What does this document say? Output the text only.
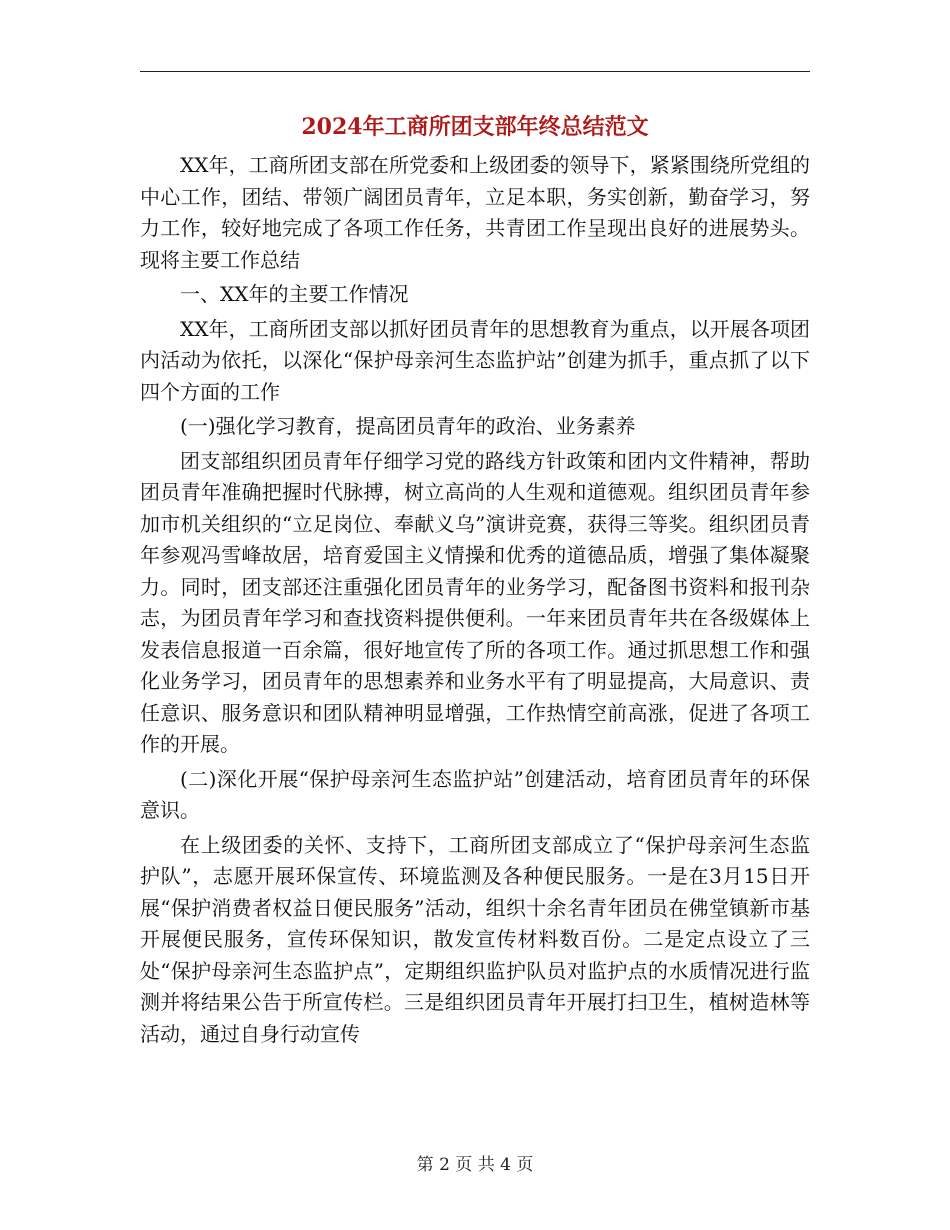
2024年工商所团支部年终总结范文

XX年，工商所团支部在所党委和上级团委的领导下，紧紧围绕所党组的中心工作，团结、带领广阔团员青年，立足本职，务实创新，勤奋学习，努力工作，较好地完成了各项工作任务，共青团工作呈现出良好的进展势头。现将主要工作总结

一、XX年的主要工作情况

XX年，工商所团支部以抓好团员青年的思想教育为重点，以开展各项团内活动为依托，以深化“保护母亲河生态监护站”创建为抓手，重点抓了以下四个方面的工作

(一)强化学习教育，提高团员青年的政治、业务素养

团支部组织团员青年仔细学习党的路线方针政策和团内文件精神，帮助团员青年准确把握时代脉搏，树立高尚的人生观和道德观。组织团员青年参加市机关组织的“立足岗位、奉献义乌”演讲竞赛，获得三等奖。组织团员青年参观冯雪峰故居，培育爱国主义情操和优秀的道德品质，增强了集体凝聚力。同时，团支部还注重强化团员青年的业务学习，配备图书资料和报刊杂志，为团员青年学习和查找资料提供便利。一年来团员青年共在各级媒体上发表信息报道一百余篇，很好地宣传了所的各项工作。通过抓思想工作和强化业务学习，团员青年的思想素养和业务水平有了明显提高，大局意识、责任意识、服务意识和团队精神明显增强，工作热情空前高涨，促进了各项工作的开展。

(二)深化开展“保护母亲河生态监护站”创建活动，培育团员青年的环保意识。

在上级团委的关怀、支持下，工商所团支部成立了“保护母亲河生态监护队”，志愿开展环保宣传、环境监测及各种便民服务。一是在3月15日开展“保护消费者权益日便民服务”活动，组织十余名青年团员在佛堂镇新市基开展便民服务，宣传环保知识，散发宣传材料数百份。二是定点设立了三处“保护母亲河生态监护点”，定期组织监护队员对监护点的水质情况进行监测并将结果公告于所宣传栏。三是组织团员青年开展打扫卫生，植树造林等活动，通过自身行动宣传

第 2 页 共 4 页
